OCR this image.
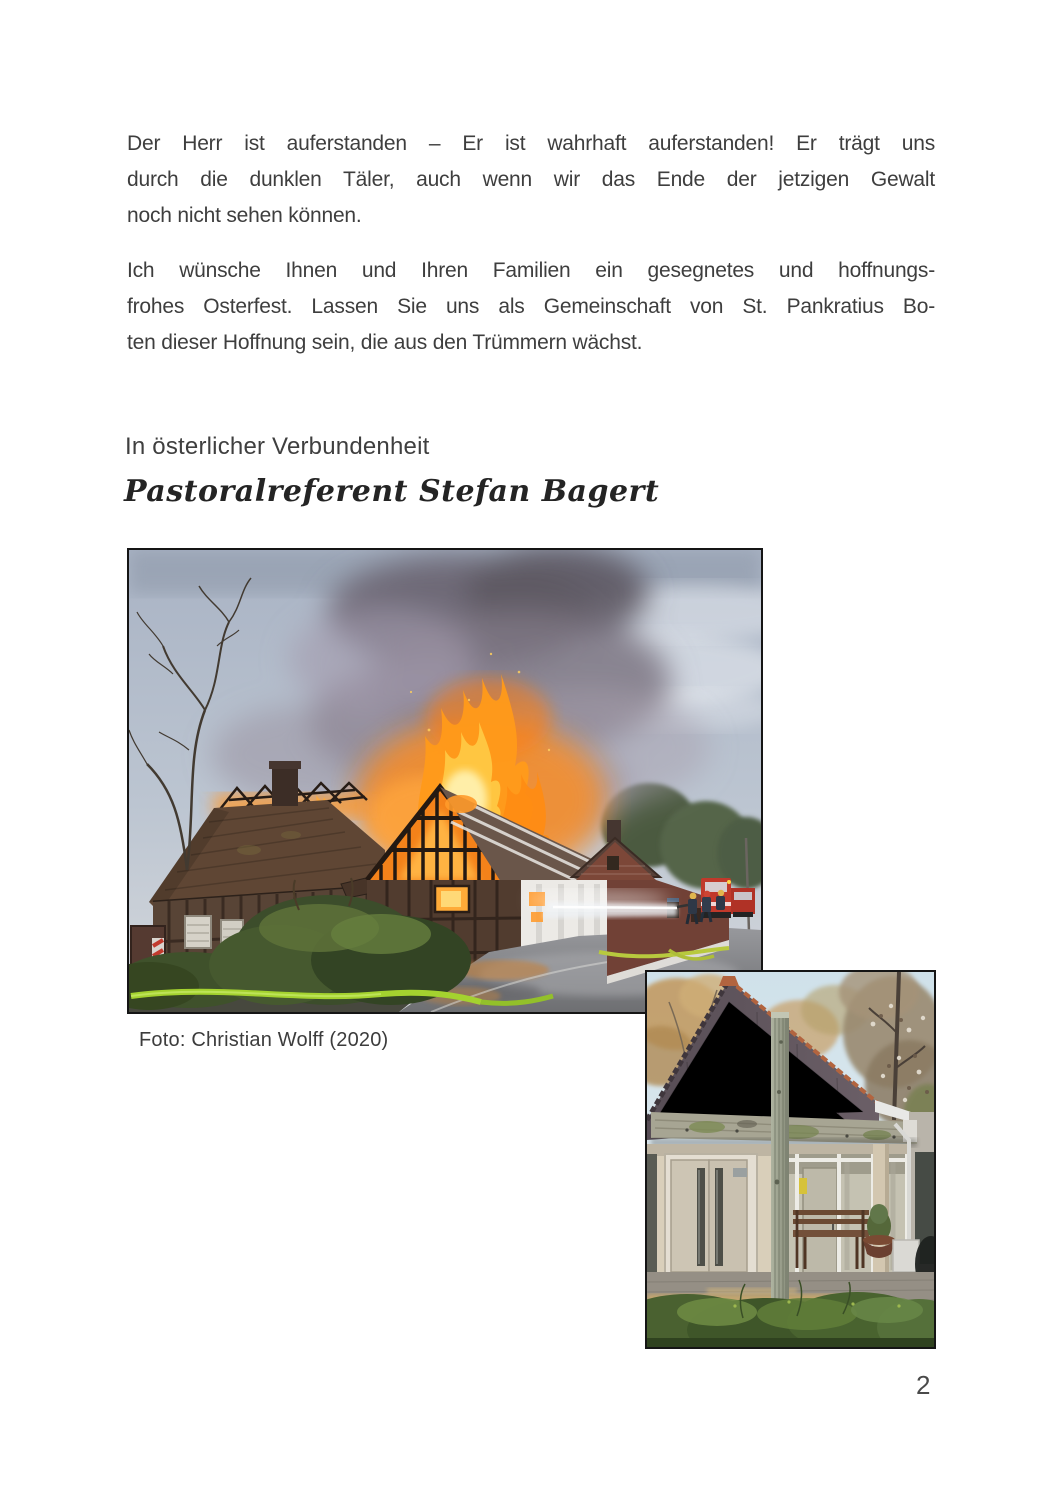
Der Herr ist auferstanden – Er ist wahrhaft auferstanden! Er trägt uns
durch die dunklen Täler, auch wenn wir das Ende der jetzigen Gewalt
noch nicht sehen können.
Ich wünsche Ihnen und Ihren Familien ein gesegnetes und hoffnungs-
frohes Osterfest. Lassen Sie uns als Gemeinschaft von St. Pankratius Bo-
ten dieser Hoffnung sein, die aus den Trümmern wächst.
In österlicher Verbundenheit
Pastoralreferent Stefan Bagert
Foto: Christian Wolff (2020)
2
